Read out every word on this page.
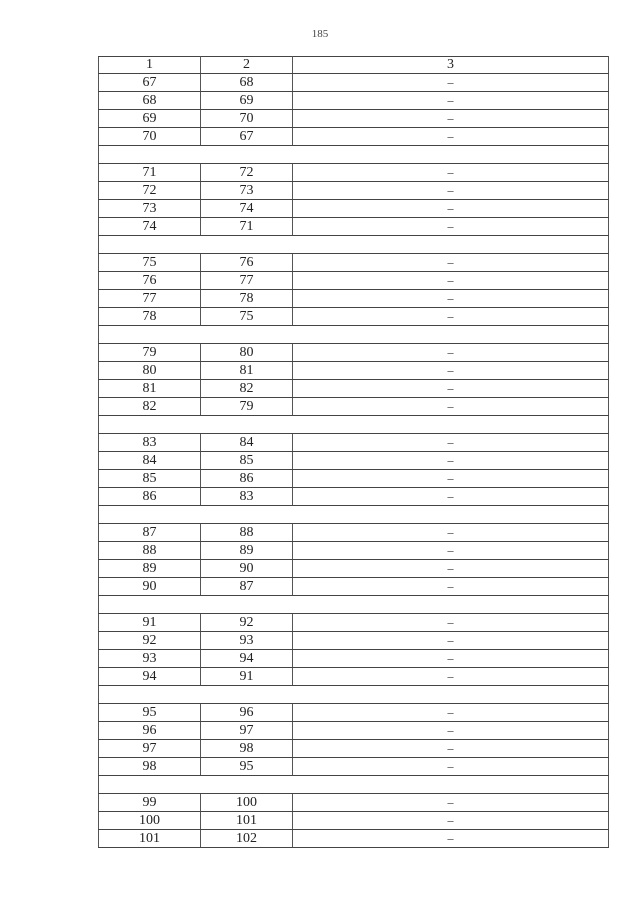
185
1	2	3
67	68	–
68	69	–
69	70	–
70	67	–

71	72	–
72	73	–
73	74	–
74	71	–

75	76	–
76	77	–
77	78	–
78	75	–

79	80	–
80	81	–
81	82	–
82	79	–

83	84	–
84	85	–
85	86	–
86	83	–

87	88	–
88	89	–
89	90	–
90	87	–

91	92	–
92	93	–
93	94	–
94	91	–

95	96	–
96	97	–
97	98	–
98	95	–

99	100	–
100	101	–
101	102	–
